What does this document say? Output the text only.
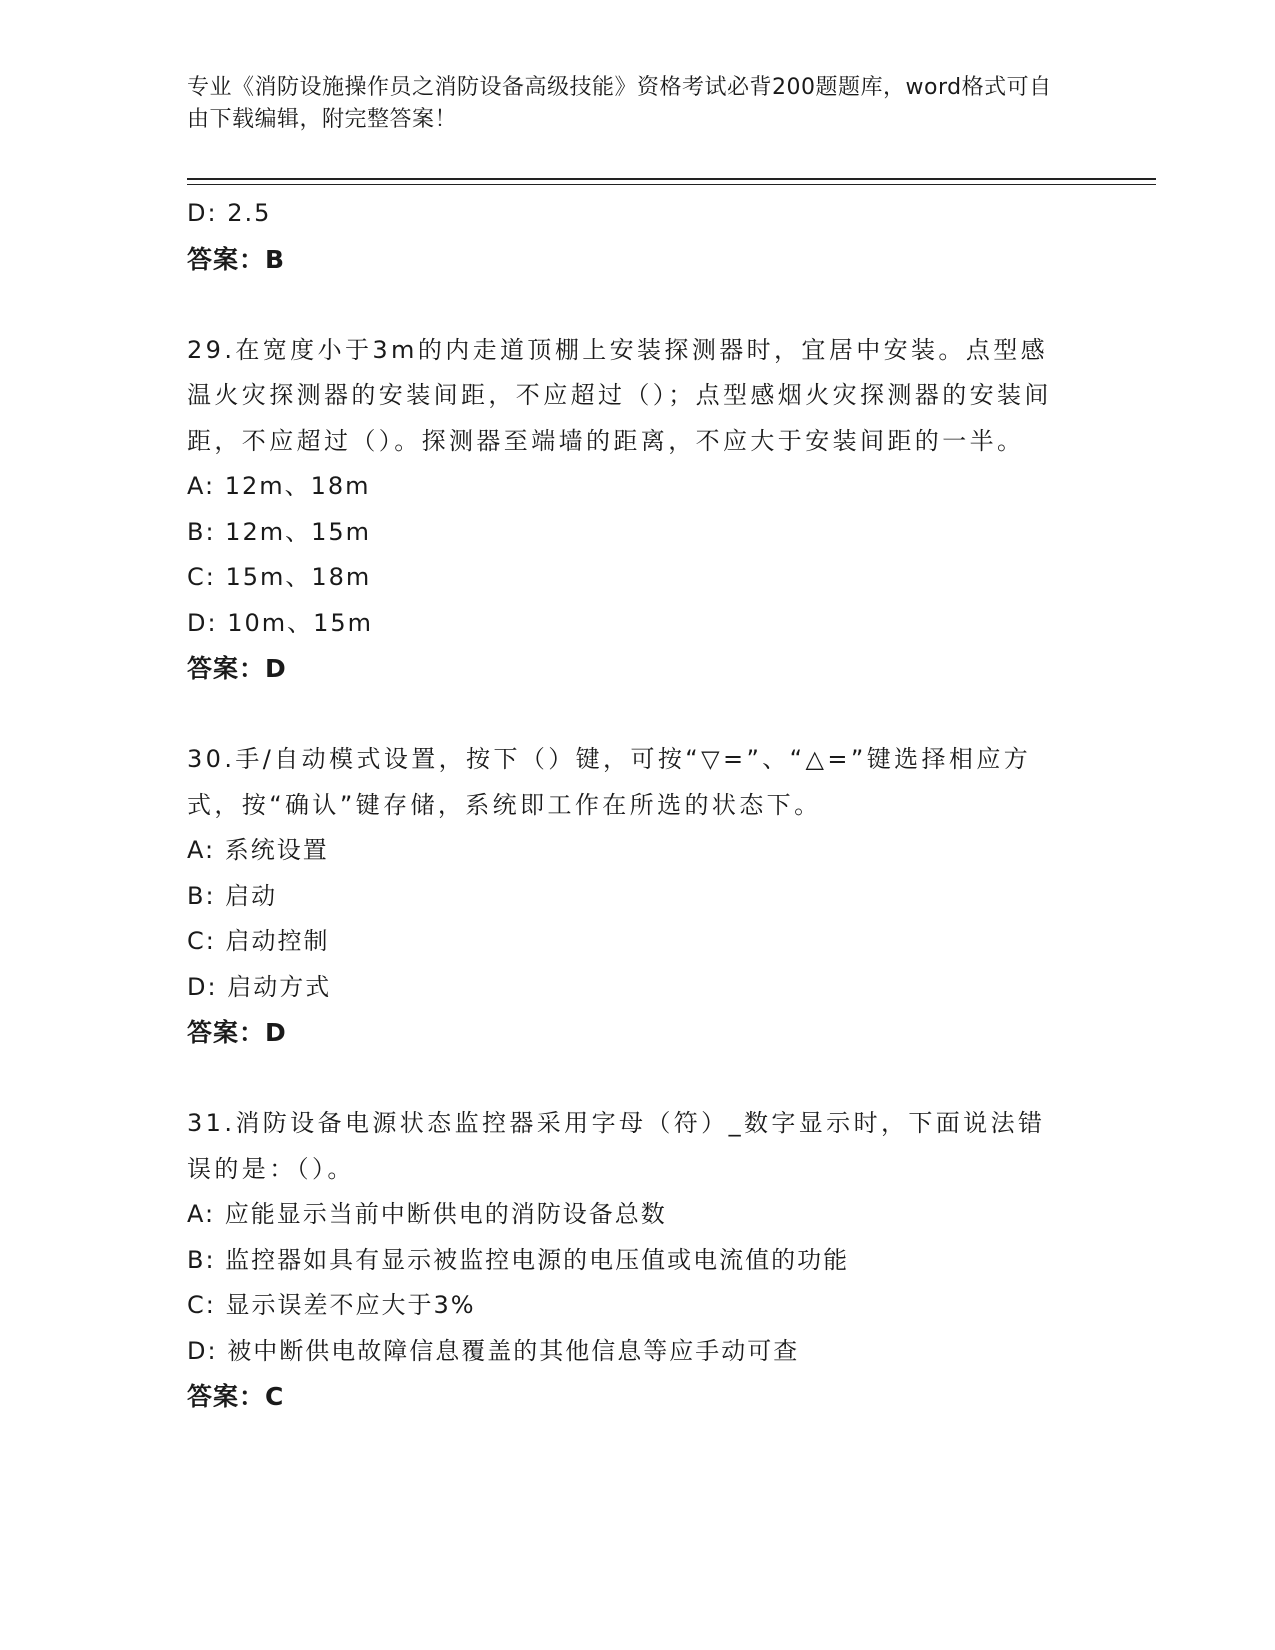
专业《消防设施操作员之消防设备高级技能》资格考试必背200题题库，word格式可自由下载编辑，附完整答案！
D: 2.5
答案：B
29.在宽度小于3m的内走道顶棚上安装探测器时，宜居中安装。点型感温火灾探测器的安装间距，不应超过（）；点型感烟火灾探测器的安装间距，不应超过（）。探测器至端墙的距离，不应大于安装间距的一半。
A: 12m、18m
B: 12m、15m
C: 15m、18m
D: 10m、15m
答案：D
30.手/自动模式设置，按下（）键，可按“▽=”、“△=”键选择相应方式，按“确认”键存储，系统即工作在所选的状态下。
A: 系统设置
B: 启动
C: 启动控制
D: 启动方式
答案：D
31.消防设备电源状态监控器采用字母（符）_数字显示时，下面说法错误的是：（）。
A: 应能显示当前中断供电的消防设备总数
B: 监控器如具有显示被监控电源的电压值或电流值的功能
C: 显示误差不应大于3%
D: 被中断供电故障信息覆盖的其他信息等应手动可查
答案：C
